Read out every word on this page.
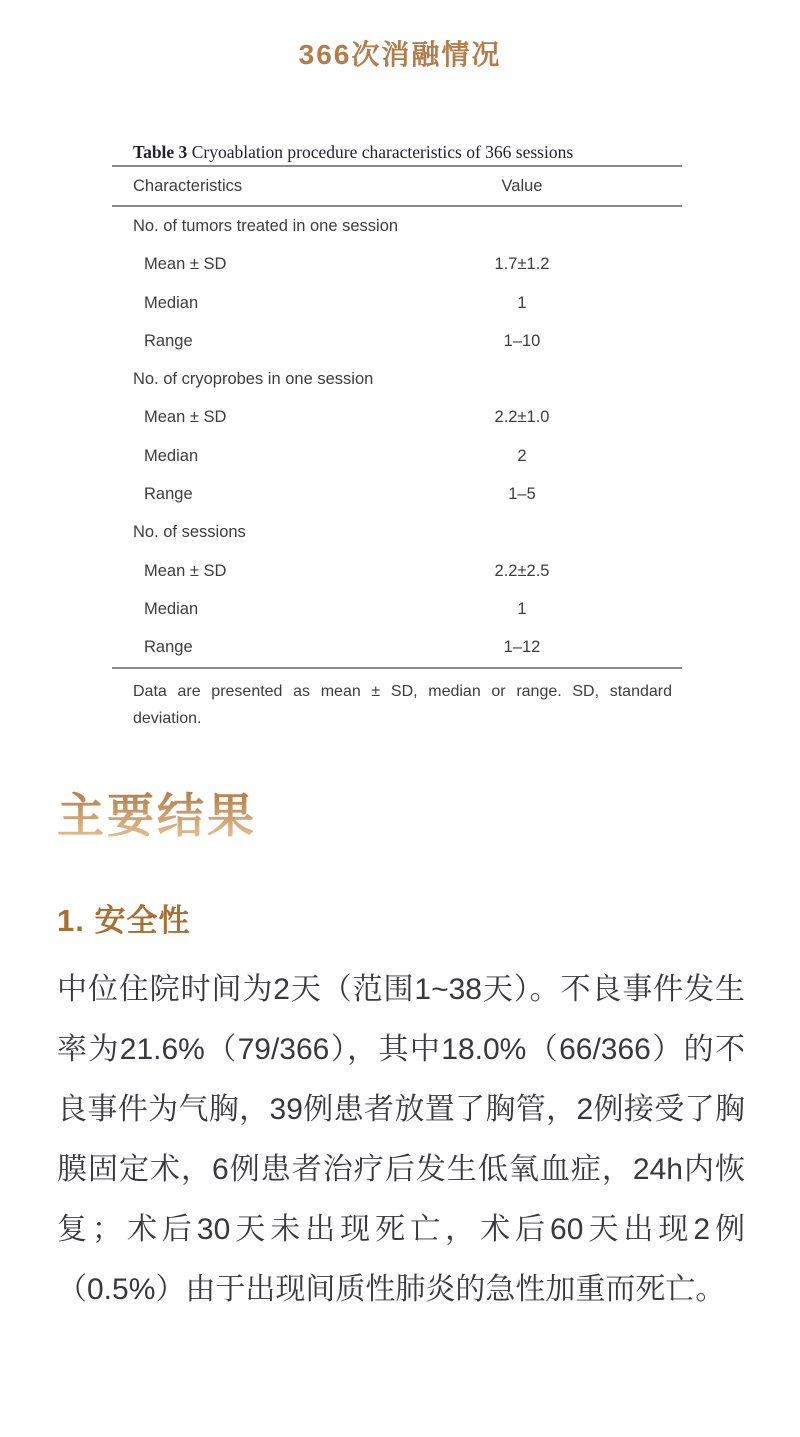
366次消融情况
Table 3 Cryoablation procedure characteristics of 366 sessions
Characteristics	Value
No. of tumors treated in one session
Mean ± SD	1.7±1.2
Median	1
Range	1–10
No. of cryoprobes in one session
Mean ± SD	2.2±1.0
Median	2
Range	1–5
No. of sessions
Mean ± SD	2.2±2.5
Median	1
Range	1–12
Data are presented as mean ± SD, median or range. SD, standard deviation.
主要结果
1. 安全性

中位住院时间为2天（范围1~38天）。不良事件发生率为21.6%（79/366），其中18.0%（66/366）的不良事件为气胸，39例患者放置了胸管，2例接受了胸膜固定术，6例患者治疗后发生低氧血症，24h内恢复；术后30天未出现死亡，术后60天出现2例（0.5%）由于出现间质性肺炎的急性加重而死亡。
